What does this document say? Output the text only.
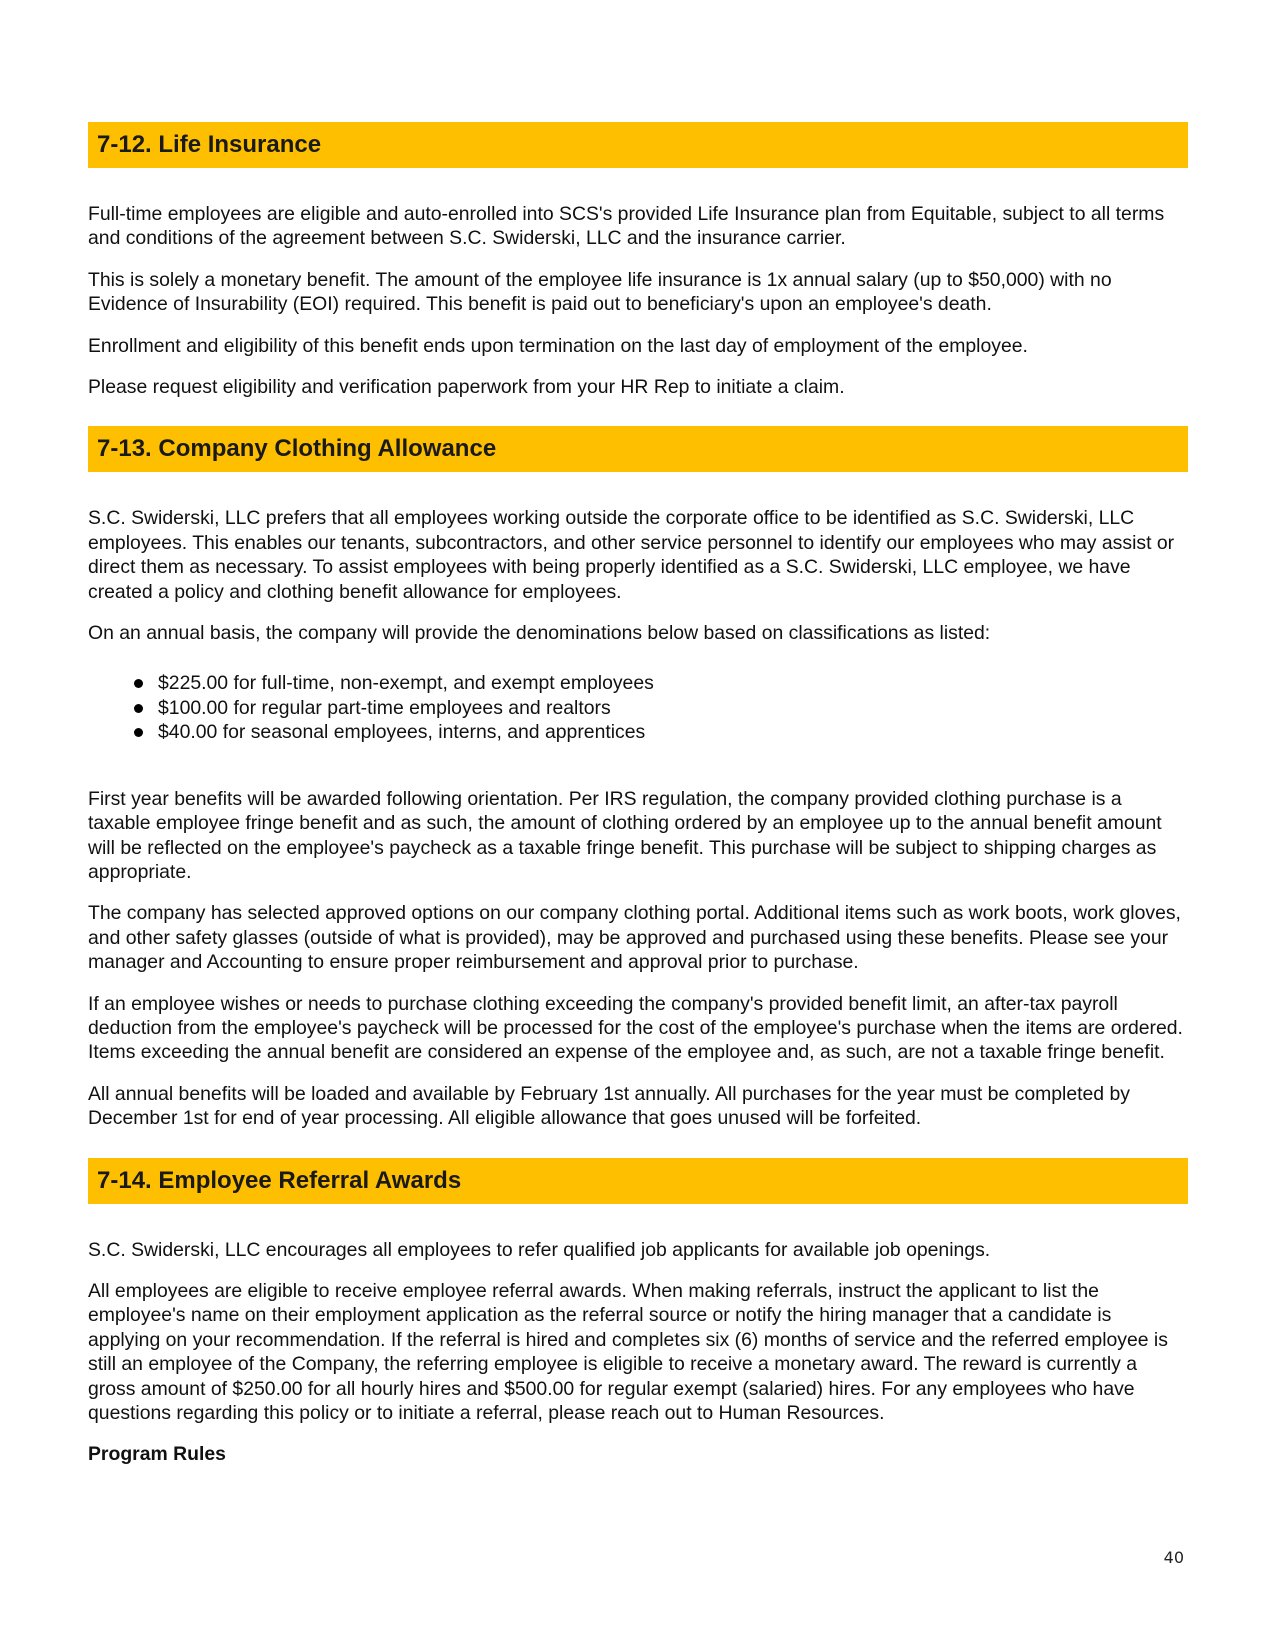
7-12. Life Insurance

Full-time employees are eligible and auto-enrolled into SCS's provided Life Insurance plan from Equitable, subject to all terms and conditions of the agreement between S.C. Swiderski, LLC and the insurance carrier.

This is solely a monetary benefit. The amount of the employee life insurance is 1x annual salary (up to $50,000) with no Evidence of Insurability (EOI) required. This benefit is paid out to beneficiary's upon an employee's death.

Enrollment and eligibility of this benefit ends upon termination on the last day of employment of the employee.

Please request eligibility and verification paperwork from your HR Rep to initiate a claim.

7-13. Company Clothing Allowance

S.C. Swiderski, LLC prefers that all employees working outside the corporate office to be identified as S.C. Swiderski, LLC employees. This enables our tenants, subcontractors, and other service personnel to identify our employees who may assist or direct them as necessary. To assist employees with being properly identified as a S.C. Swiderski, LLC employee, we have created a policy and clothing benefit allowance for employees.

On an annual basis, the company will provide the denominations below based on classifications as listed:

$225.00 for full-time, non-exempt, and exempt employees
$100.00 for regular part-time employees and realtors
$40.00 for seasonal employees, interns, and apprentices

First year benefits will be awarded following orientation. Per IRS regulation, the company provided clothing purchase is a taxable employee fringe benefit and as such, the amount of clothing ordered by an employee up to the annual benefit amount will be reflected on the employee's paycheck as a taxable fringe benefit. This purchase will be subject to shipping charges as appropriate.

The company has selected approved options on our company clothing portal. Additional items such as work boots, work gloves, and other safety glasses (outside of what is provided), may be approved and purchased using these benefits. Please see your manager and Accounting to ensure proper reimbursement and approval prior to purchase.

If an employee wishes or needs to purchase clothing exceeding the company's provided benefit limit, an after-tax payroll deduction from the employee's paycheck will be processed for the cost of the employee's purchase when the items are ordered. Items exceeding the annual benefit are considered an expense of the employee and, as such, are not a taxable fringe benefit.

All annual benefits will be loaded and available by February 1st annually. All purchases for the year must be completed by December 1st for end of year processing. All eligible allowance that goes unused will be forfeited.

7-14. Employee Referral Awards

S.C. Swiderski, LLC encourages all employees to refer qualified job applicants for available job openings.

All employees are eligible to receive employee referral awards. When making referrals, instruct the applicant to list the employee's name on their employment application as the referral source or notify the hiring manager that a candidate is applying on your recommendation. If the referral is hired and completes six (6) months of service and the referred employee is still an employee of the Company, the referring employee is eligible to receive a monetary award. The reward is currently a gross amount of $250.00 for all hourly hires and $500.00 for regular exempt (salaried) hires. For any employees who have questions regarding this policy or to initiate a referral, please reach out to Human Resources.

Program Rules

40
